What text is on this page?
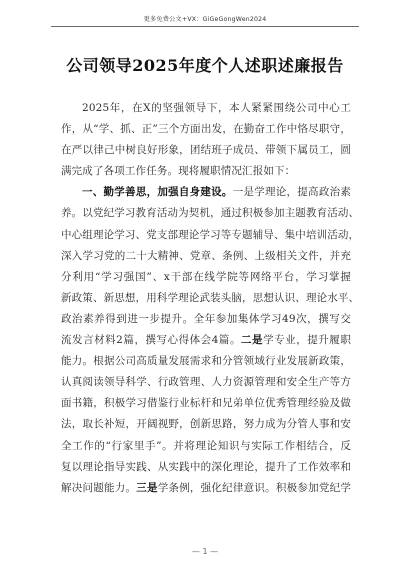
更多免费公文+VX：GiGeGongWen2024
公司领导2025年度个人述职述廉报告
2025年，在X的坚强领导下，本人紧紧围绕公司中心工
作，从“学、抓、正”三个方面出发，在勤奋工作中恪尽职守，
在严以律己中树良好形象，团结班子成员、带领下属员工，圆
满完成了各项工作任务。现将履职情况汇报如下：
一、勤学善思，加强自身建设。一是学理论，提高政治素
养。以党纪学习教育活动为契机，通过积极参加主题教育活动、
中心组理论学习、党支部理论学习等专题辅导、集中培训活动，
深入学习党的二十大精神、党章、条例、上级相关文件，并充
分利用“学习强国”、x干部在线学院等网络平台，学习掌握
新政策、新思想，用科学理论武装头脑，思想认识、理论水平、
政治素养得到进一步提升。全年参加集体学习49次，撰写交
流发言材料2篇，撰写心得体会4篇。二是学专业，提升履职
能力。根据公司高质量发展需求和分管领域行业发展新政策，
认真阅读领导科学、行政管理、人力资源管理和安全生产等方
面书籍，积极学习借鉴行业标杆和兄弟单位优秀管理经验及做
法，取长补短，开阔视野，创新思路，努力成为分管人事和安
全工作的“行家里手”。并将理论知识与实际工作相结合，反
复以理论指导实践、从实践中的深化理论，提升了工作效率和
解决问题能力。三是学条例，强化纪律意识。积极参加党纪学
— 1 —
